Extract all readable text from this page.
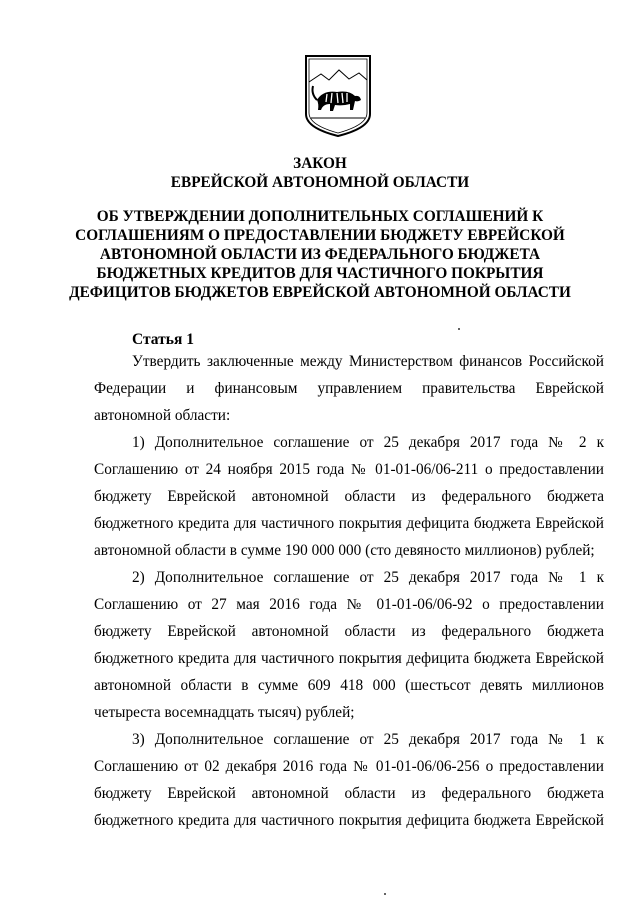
ЗАКОН
ЕВРЕЙСКОЙ АВТОНОМНОЙ ОБЛАСТИ
ОБ УТВЕРЖДЕНИИ ДОПОЛНИТЕЛЬНЫХ СОГЛАШЕНИЙ К
СОГЛАШЕНИЯМ О ПРЕДОСТАВЛЕНИИ БЮДЖЕТУ ЕВРЕЙСКОЙ
АВТОНОМНОЙ ОБЛАСТИ ИЗ ФЕДЕРАЛЬНОГО БЮДЖЕТА
БЮДЖЕТНЫХ КРЕДИТОВ ДЛЯ ЧАСТИЧНОГО ПОКРЫТИЯ
ДЕФИЦИТОВ БЮДЖЕТОВ ЕВРЕЙСКОЙ АВТОНОМНОЙ ОБЛАСТИ
Статья 1

Утвердить заключенные между Министерством финансов Российской
Федерации и финансовым управлением правительства Еврейской
автономной области:

1) Дополнительное соглашение от 25 декабря 2017 года № 2 к
Соглашению от 24 ноября 2015 года № 01-01-06/06-211 о предоставлении
бюджету Еврейской автономной области из федерального бюджета
бюджетного кредита для частичного покрытия дефицита бюджета Еврейской
автономной области в сумме 190 000 000 (сто девяносто миллионов) рублей;

2) Дополнительное соглашение от 25 декабря 2017 года № 1 к
Соглашению от 27 мая 2016 года № 01-01-06/06-92 о предоставлении
бюджету Еврейской автономной области из федерального бюджета
бюджетного кредита для частичного покрытия дефицита бюджета Еврейской
автономной области в сумме 609 418 000 (шестьсот девять миллионов
четыреста восемнадцать тысяч) рублей;

3) Дополнительное соглашение от 25 декабря 2017 года № 1 к
Соглашению от 02 декабря 2016 года № 01-01-06/06-256 о предоставлении
бюджету Еврейской автономной области из федерального бюджета
бюджетного кредита для частичного покрытия дефицита бюджета Еврейской
